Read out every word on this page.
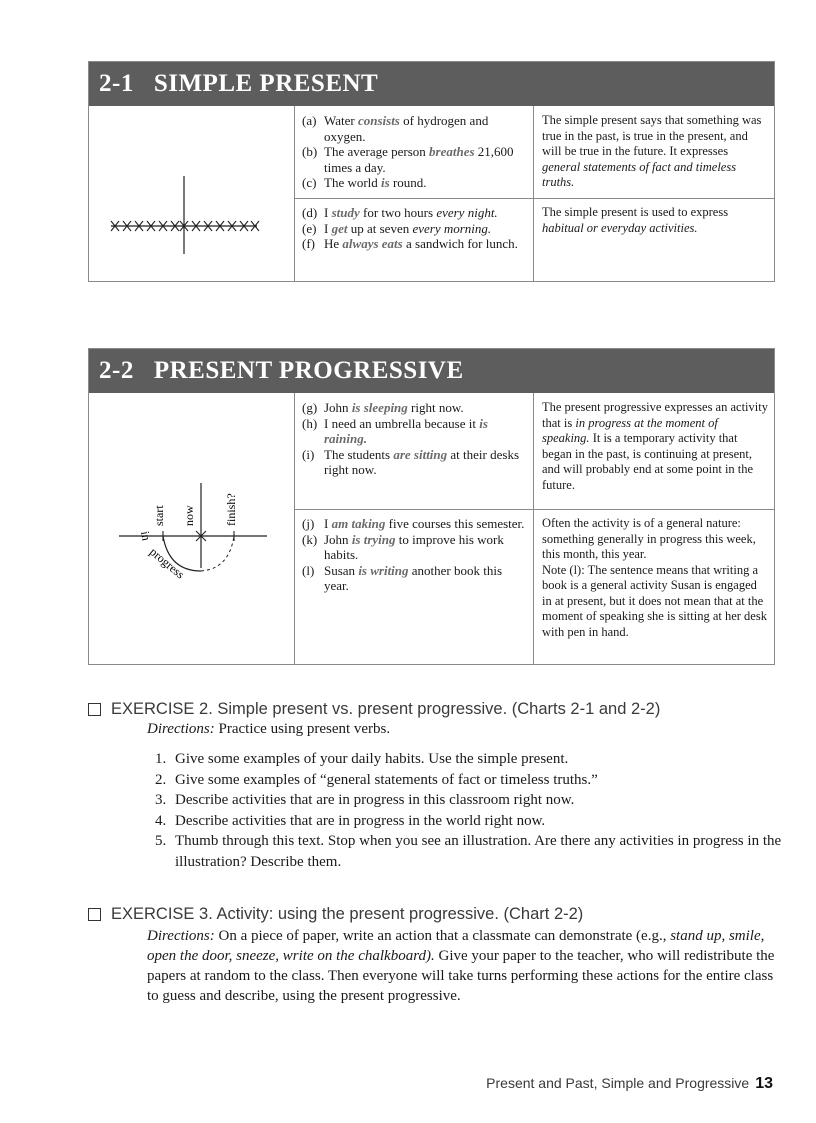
2-1 SIMPLE PRESENT
(a) Water consists of hydrogen and oxygen.
(b) The average person breathes 21,600 times a day.
(c) The world is round.
(d) I study for two hours every night.
(e) I get up at seven every morning.
(f) He always eats a sandwich for lunch.
The simple present says that something was true in the past, is true in the present, and will be true in the future. It expresses general statements of fact and timeless truths.
The simple present is used to express habitual or everyday activities.
2-2 PRESENT PROGRESSIVE
start now finish?
in
progress
(g) John is sleeping right now.
(h) I need an umbrella because it is raining.
(i) The students are sitting at their desks right now.
(j) I am taking five courses this semester.
(k) John is trying to improve his work habits.
(l) Susan is writing another book this year.
The present progressive expresses an activity that is in progress at the moment of speaking. It is a temporary activity that began in the past, is continuing at present, and will probably end at some point in the future.
Often the activity is of a general nature: something generally in progress this week, this month, this year.
Note (l): The sentence means that writing a book is a general activity Susan is engaged in at present, but it does not mean that at the moment of speaking she is sitting at her desk with pen in hand.
EXERCISE 2. Simple present vs. present progressive. (Charts 2-1 and 2-2)
Directions: Practice using present verbs.
1. Give some examples of your daily habits. Use the simple present.
2. Give some examples of “general statements of fact or timeless truths.”
3. Describe activities that are in progress in this classroom right now.
4. Describe activities that are in progress in the world right now.
5. Thumb through this text. Stop when you see an illustration. Are there any activities in progress in the illustration? Describe them.
EXERCISE 3. Activity: using the present progressive. (Chart 2-2)
Directions: On a piece of paper, write an action that a classmate can demonstrate (e.g., stand up, smile, open the door, sneeze, write on the chalkboard). Give your paper to the teacher, who will redistribute the papers at random to the class. Then everyone will take turns performing these actions for the entire class to guess and describe, using the present progressive.
Present and Past, Simple and Progressive 13
